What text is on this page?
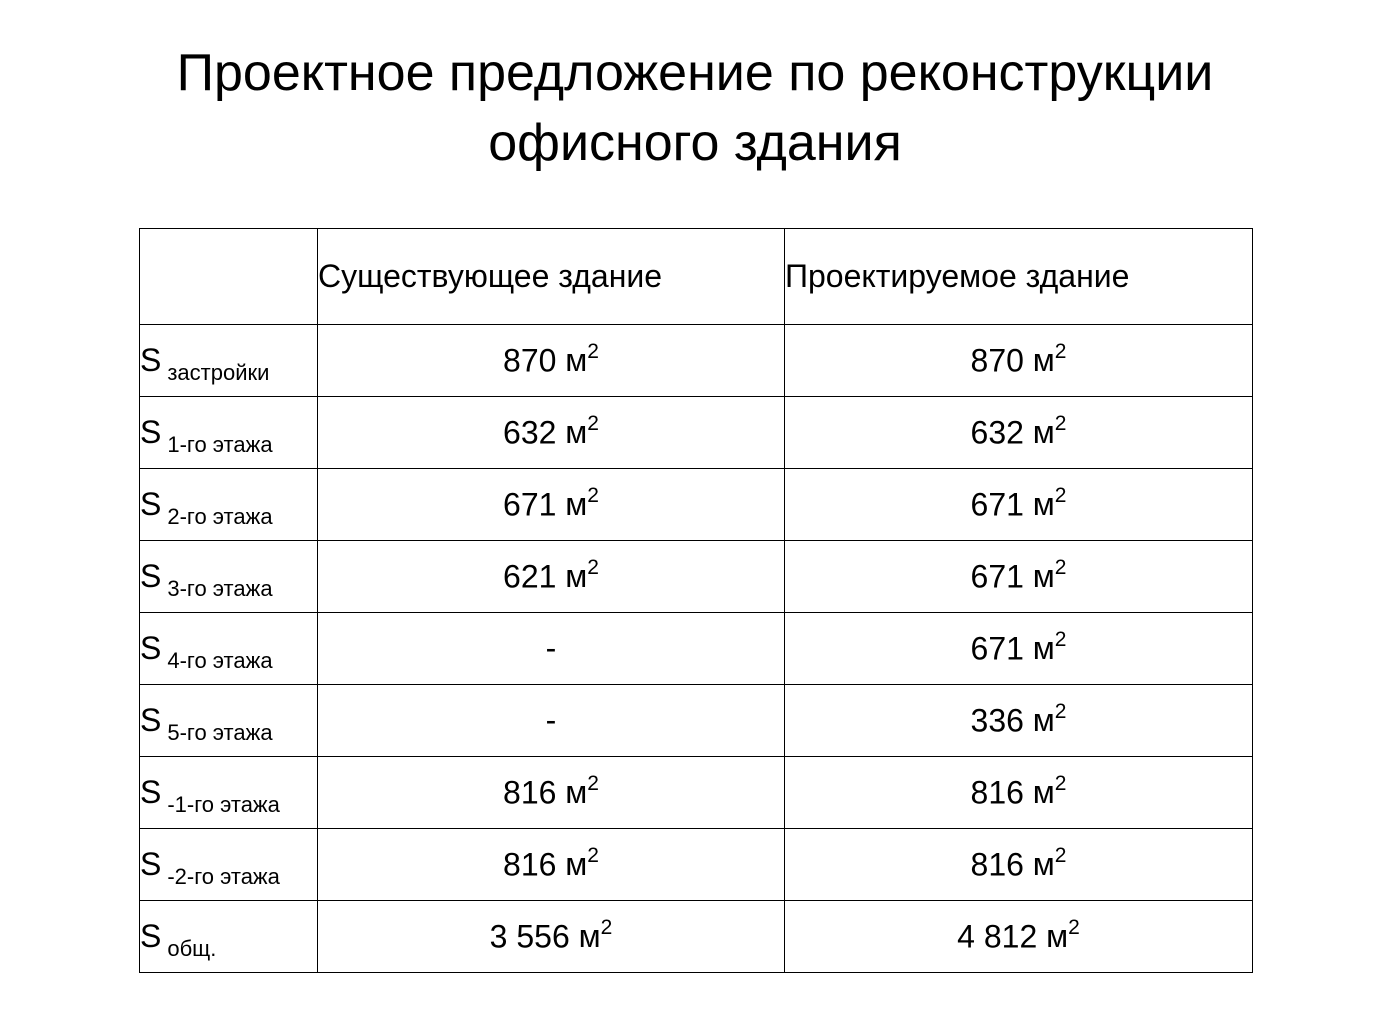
Проектное предложение по реконструкции
офисного здания
	Существующее здание	Проектируемое здание
S $_{застройки}$	870 $м^2$	870 $м^2$
S $_{1-го этажа}$	632 $м^2$	632 $м^2$
S $_{2-го этажа}$	671 $м^2$	671 $м^2$
S $_{3-го этажа}$	621 $м^2$	671 $м^2$
S $_{4-го этажа}$	-	671 $м^2$
S $_{5-го этажа}$	-	336 $м^2$
S $_{-1-го этажа}$	816 $м^2$	816 $м^2$
S $_{-2-го этажа}$	816 $м^2$	816 $м^2$
S $_{общ.}$	3 556 $м^2$	4 812 $м^2$
